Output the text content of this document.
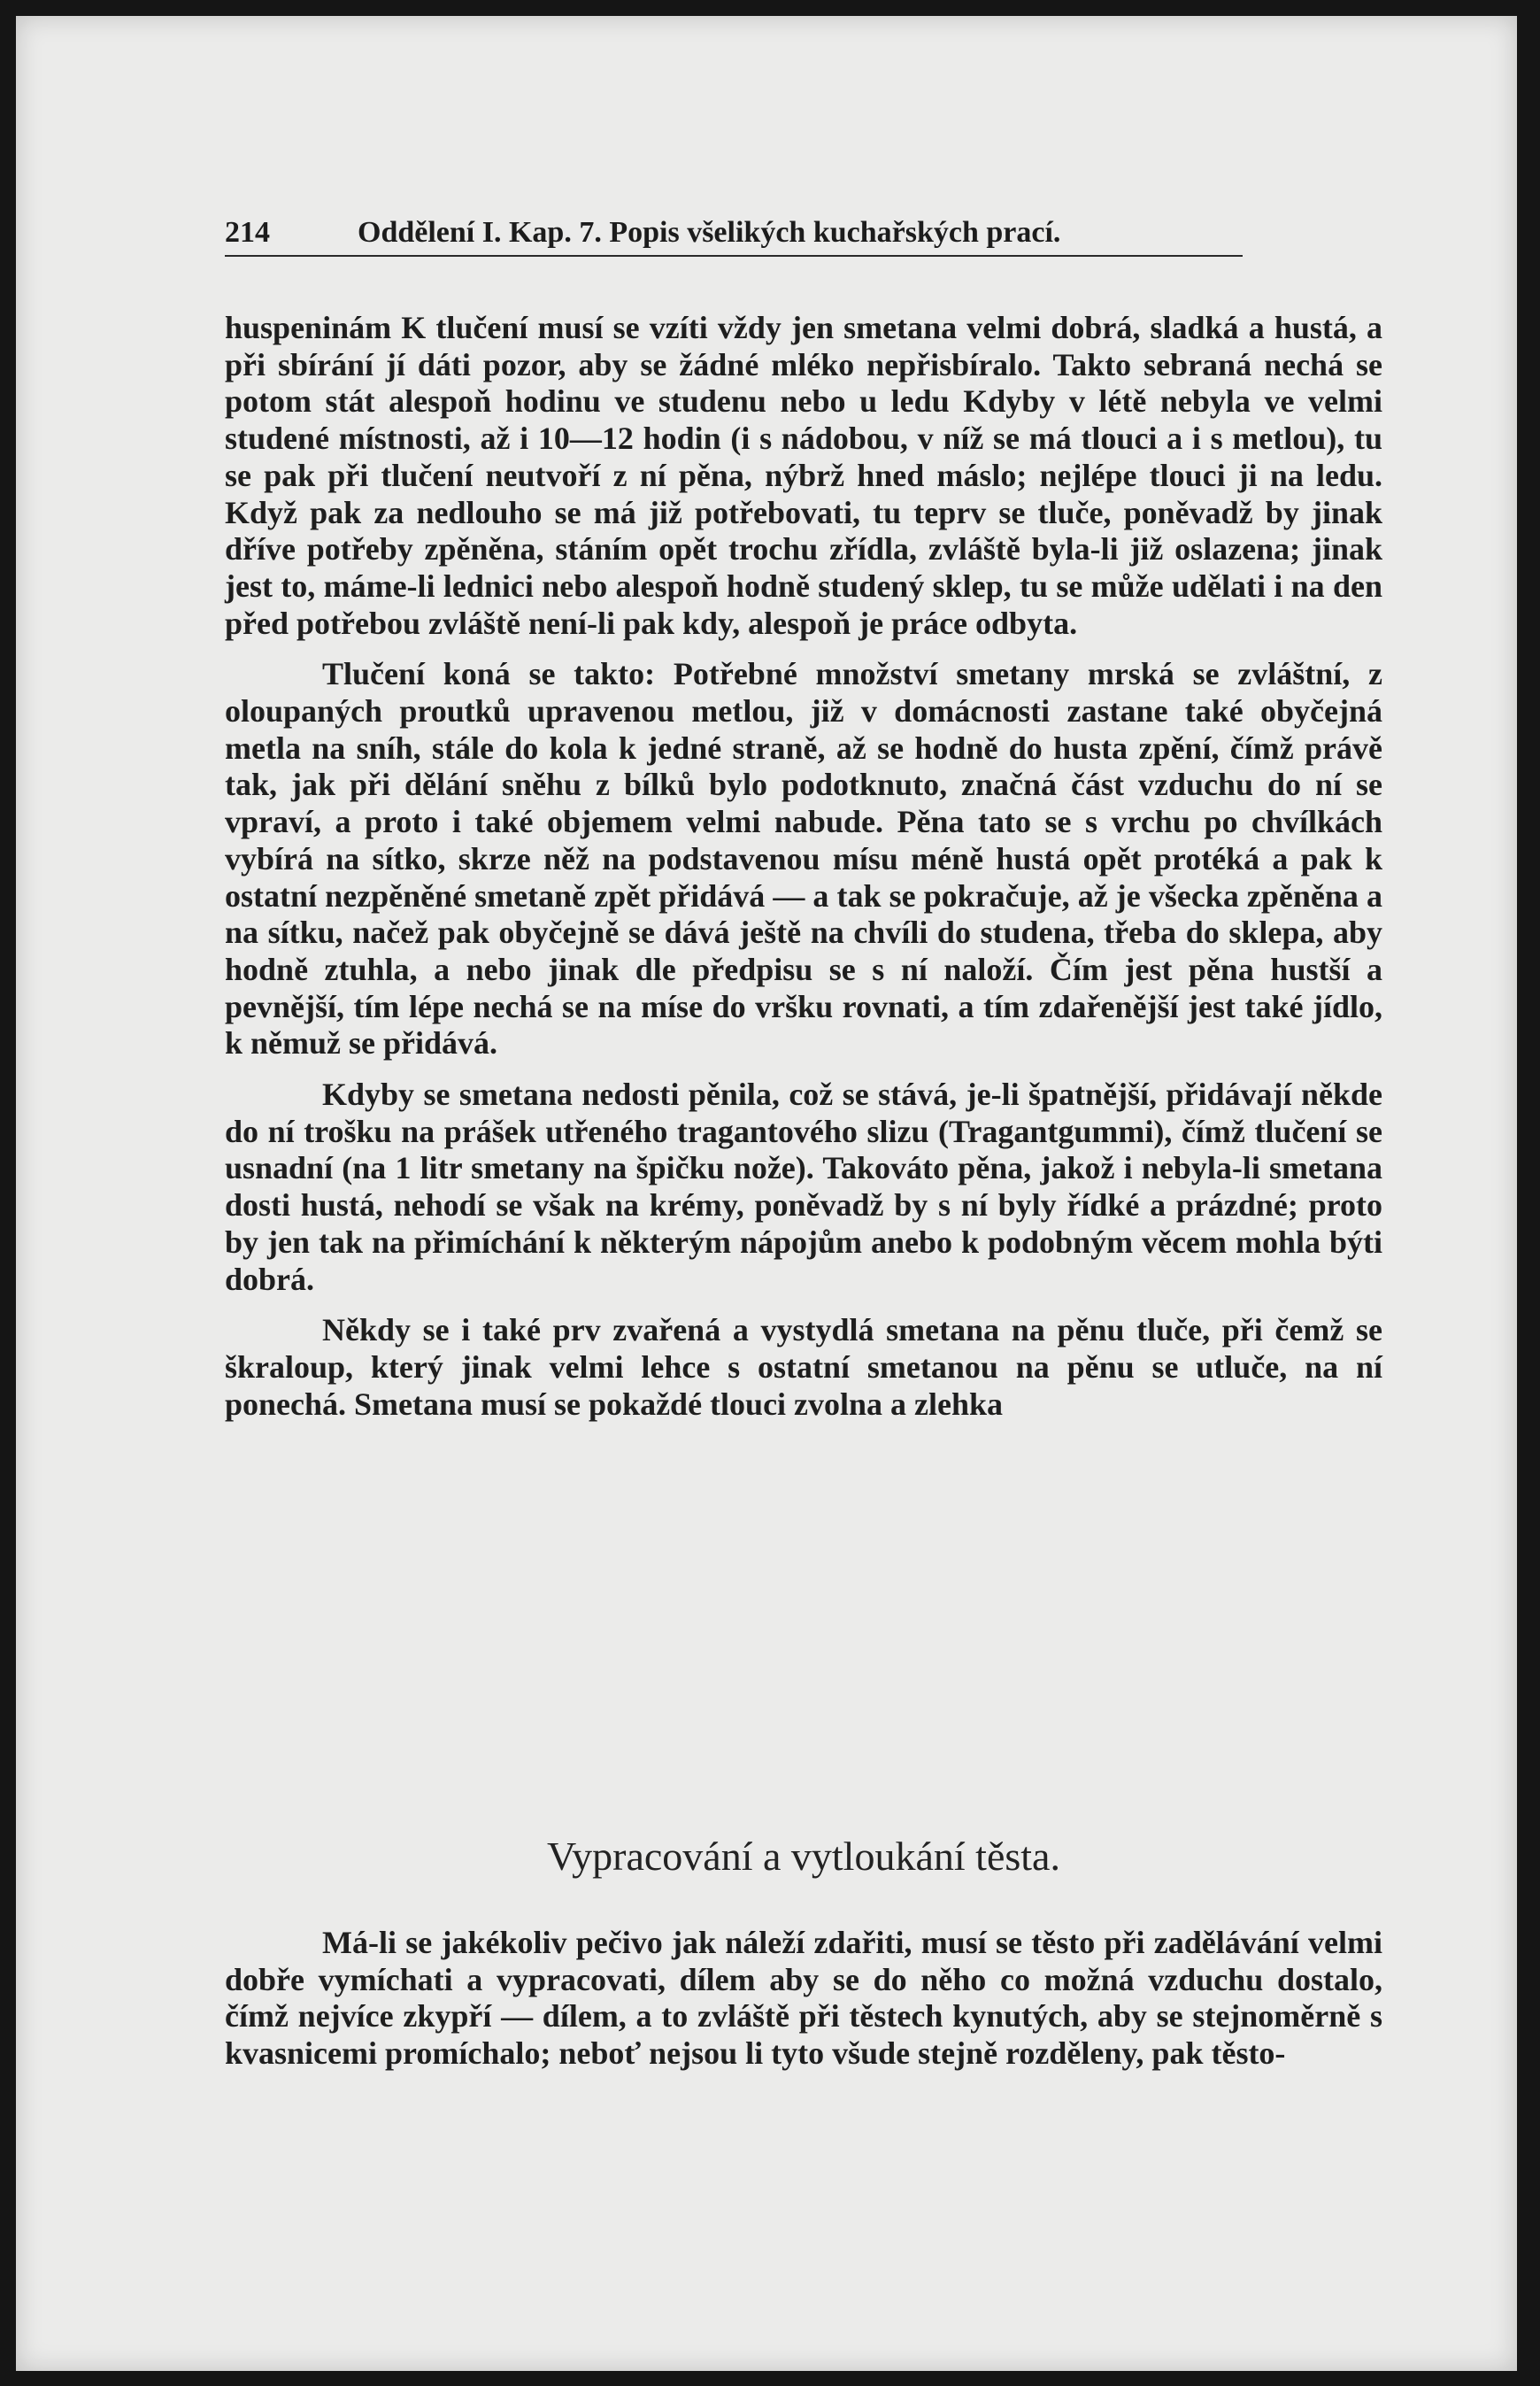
214	Oddělení I. Kap. 7. Popis všelikých kuchařských prací.

huspeninám K tlučení musí se vzíti vždy jen smetana velmi dobrá, sladká a hustá, a při sbírání jí dáti pozor, aby se žádné mléko nepřisbíralo. Takto sebraná nechá se potom stát alespoň hodinu ve studenu nebo u ledu Kdyby v létě nebyla ve velmi studené místnosti, až i 10—12 hodin (i s nádobou, v níž se má tlouci a i s metlou), tu se pak při tlučení neutvoří z ní pěna, nýbrž hned máslo; nejlépe tlouci ji na ledu. Když pak za nedlouho se má již potřebovati, tu teprv se tluče, poněvadž by jinak dříve potřeby zpěněna, stáním opět trochu zřídla, zvláště byla-li již oslazena; jinak jest to, máme-li lednici nebo alespoň hodně studený sklep, tu se může udělati i na den před potřebou zvláště není-li pak kdy, alespoň je práce odbyta.

Tlučení koná se takto: Potřebné množství smetany mrská se zvláštní, z oloupaných proutků upravenou metlou, již v domácnosti zastane také obyčejná metla na sníh, stále do kola k jedné straně, až se hodně do husta zpění, čímž právě tak, jak při dělání sněhu z bílků bylo podotknuto, značná část vzduchu do ní se vpraví, a proto i také objemem velmi nabude. Pěna tato se s vrchu po chvílkách vybírá na sítko, skrze něž na podstavenou mísu méně hustá opět protéká a pak k ostatní nezpěněné smetaně zpět přidává — a tak se pokračuje, až je všecka zpěněna a na sítku, načež pak obyčejně se dává ještě na chvíli do studena, třeba do sklepa, aby hodně ztuhla, a nebo jinak dle předpisu se s ní naloží. Čím jest pěna hustší a pevnější, tím lépe nechá se na míse do vršku rovnati, a tím zdařenější jest také jídlo, k němuž se přidává.

Kdyby se smetana nedosti pěnila, což se stává, je-li špatnější, přidávají někde do ní trošku na prášek utřeného tragantového slizu (Tragantgummi), čímž tlučení se usnadní (na 1 litr smetany na špičku nože). Takováto pěna, jakož i nebyla-li smetana dosti hustá, nehodí se však na krémy, poněvadž by s ní byly řídké a prázdné; proto by jen tak na přimíchání k některým nápojům anebo k podobným věcem mohla býti dobrá.

Někdy se i také prv zvařená a vystydlá smetana na pěnu tluče, při čemž se škraloup, který jinak velmi lehce s ostatní smetanou na pěnu se utluče, na ní ponechá. Smetana musí se pokaždé tlouci zvolna a zlehka

Vypracování a vytloukání těsta.

Má-li se jakékoliv pečivo jak náleží zdařiti, musí se těsto při zadělávání velmi dobře vymíchati a vypracovati, dílem aby se do něho co možná vzduchu dostalo, čímž nejvíce zkypří — dílem, a to zvláště při těstech kynutých, aby se stejnoměrně s kvasnicemi promíchalo; neboť nejsou li tyto všude stejně rozděleny, pak těsto-
